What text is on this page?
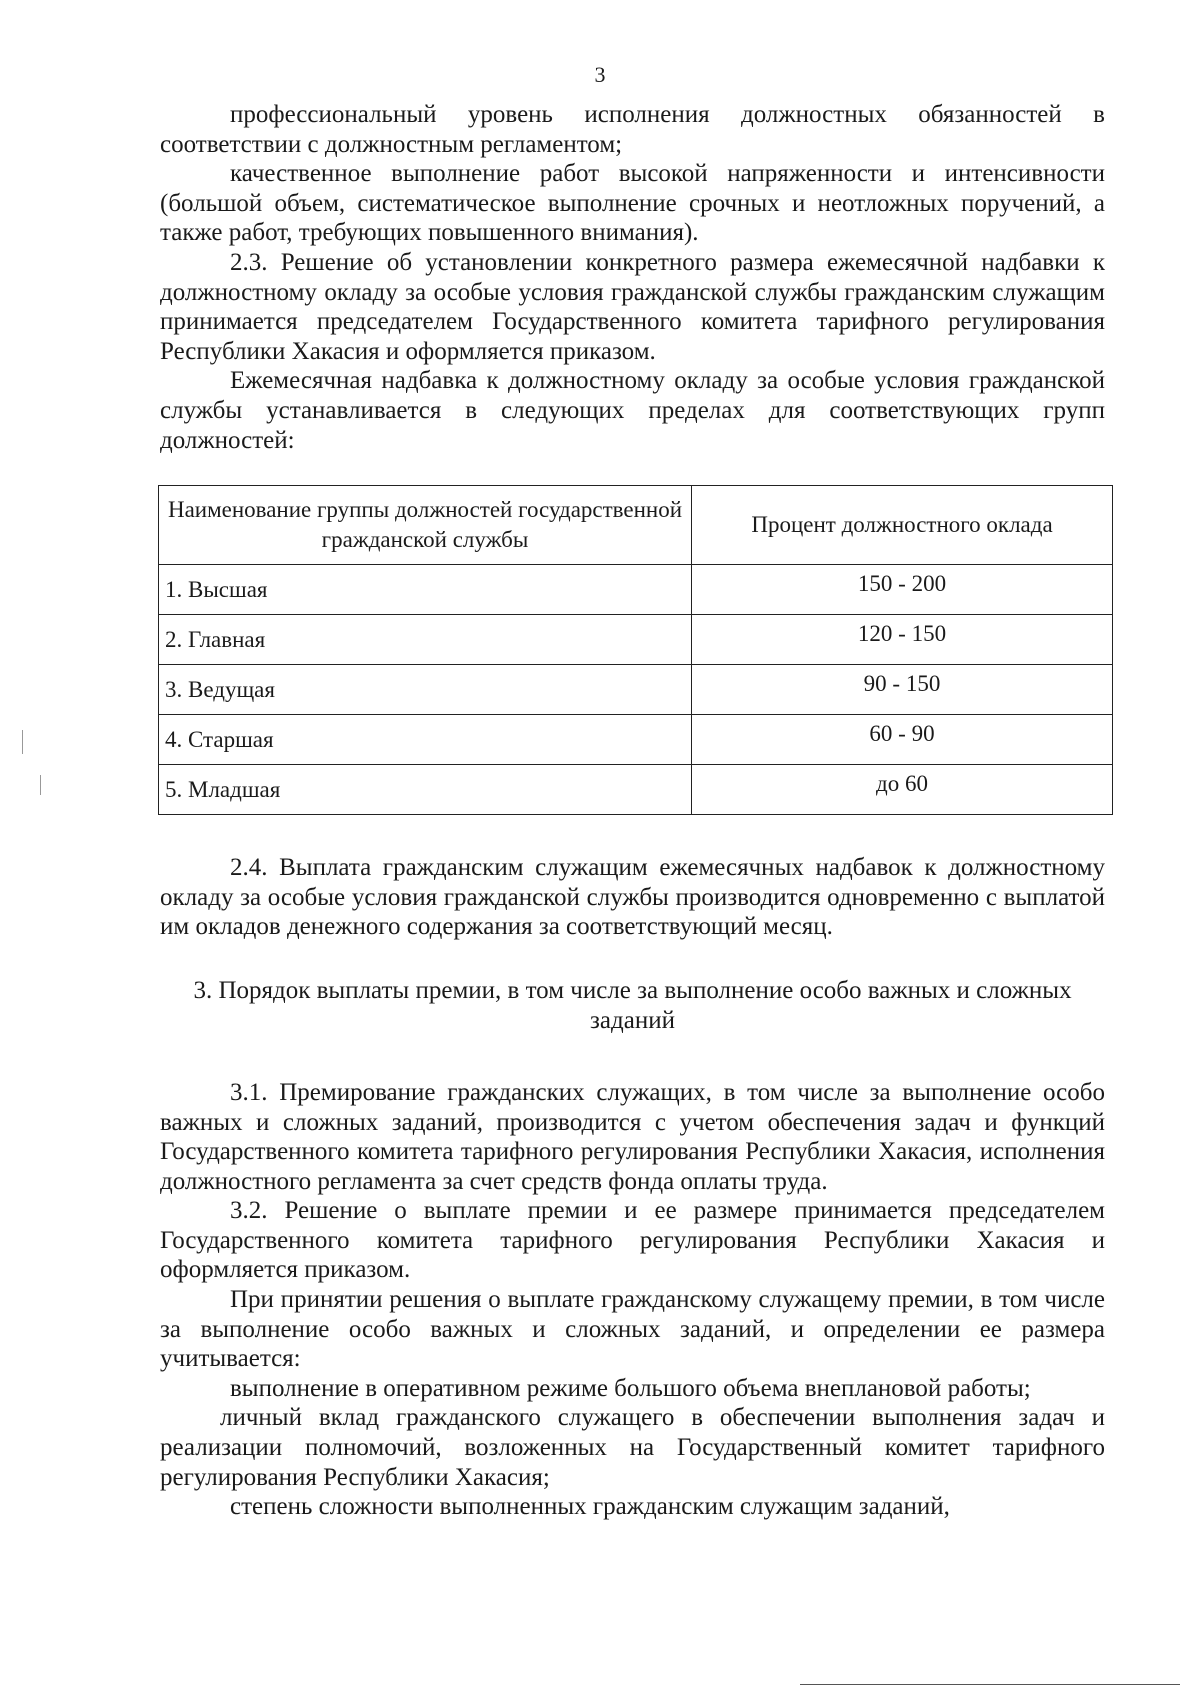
3

профессиональный уровень исполнения должностных обязанностей в соответствии с должностным регламентом;

качественное выполнение работ высокой напряженности и интенсивности (большой объем, систематическое выполнение срочных и неотложных поручений, а также работ, требующих повышенного внимания).

2.3. Решение об установлении конкретного размера ежемесячной надбавки к должностному окладу за особые условия гражданской службы гражданским служащим принимается председателем Государственного комитета тарифного регулирования Республики Хакасия и оформляется приказом.

Ежемесячная надбавка к должностному окладу за особые условия гражданской службы устанавливается в следующих пределах для соответствующих групп должностей:

Наименование группы должностей государственной гражданской службы	Процент должностного оклада
1. Высшая	150 - 200
2. Главная	120 - 150
3. Ведущая	90 - 150
4. Старшая	60 - 90
5. Младшая	до 60

2.4. Выплата гражданским служащим ежемесячных надбавок к должностному окладу за особые условия гражданской службы производится одновременно с выплатой им окладов денежного содержания за соответствующий месяц.

3. Порядок выплаты премии, в том числе за выполнение особо важных и сложных заданий

3.1. Премирование гражданских служащих, в том числе за выполнение особо важных и сложных заданий, производится с учетом обеспечения задач и функций Государственного комитета тарифного регулирования Республики Хакасия, исполнения должностного регламента за счет средств фонда оплаты труда.

3.2. Решение о выплате премии и ее размере принимается председателем Государственного комитета тарифного регулирования Республики Хакасия и оформляется приказом.

При принятии решения о выплате гражданскому служащему премии, в том числе за выполнение особо важных и сложных заданий, и определении ее размера учитывается:

выполнение в оперативном режиме большого объема внеплановой работы;

личный вклад гражданского служащего в обеспечении выполнения задач и реализации полномочий, возложенных на Государственный комитет тарифного регулирования Республики Хакасия;

степень сложности выполненных гражданским служащим заданий,
